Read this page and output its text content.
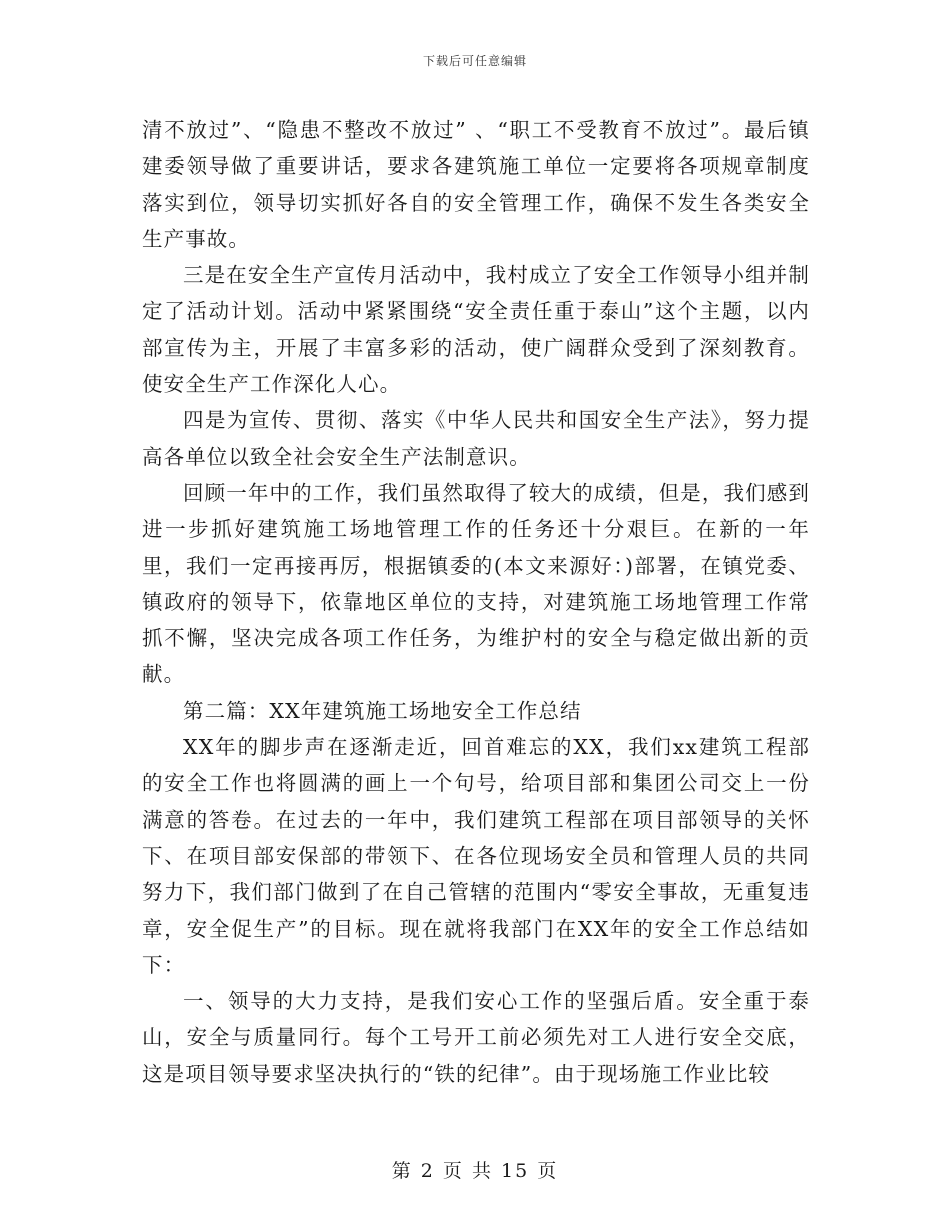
下载后可任意编辑

清不放过”、“隐患不整改不放过” 、“职工不受教育不放过”。最后镇建委领导做了重要讲话，要求各建筑施工单位一定要将各项规章制度落实到位，领导切实抓好各自的安全管理工作，确保不发生各类安全生产事故。

三是在安全生产宣传月活动中，我村成立了安全工作领导小组并制定了活动计划。活动中紧紧围绕“安全责任重于泰山”这个主题，以内部宣传为主，开展了丰富多彩的活动，使广阔群众受到了深刻教育。使安全生产工作深化人心。

四是为宣传、贯彻、落实《中华人民共和国安全生产法》，努力提高各单位以致全社会安全生产法制意识。

回顾一年中的工作，我们虽然取得了较大的成绩，但是，我们感到进一步抓好建筑施工场地管理工作的任务还十分艰巨。在新的一年里，我们一定再接再厉，根据镇委的(本文来源好：)部署，在镇党委、镇政府的领导下，依靠地区单位的支持，对建筑施工场地管理工作常抓不懈，坚决完成各项工作任务，为维护村的安全与稳定做出新的贡献。

第二篇：XX年建筑施工场地安全工作总结

XX年的脚步声在逐渐走近，回首难忘的XX，我们xx建筑工程部的安全工作也将圆满的画上一个句号，给项目部和集团公司交上一份满意的答卷。在过去的一年中，我们建筑工程部在项目部领导的关怀下、在项目部安保部的带领下、在各位现场安全员和管理人员的共同努力下，我们部门做到了在自己管辖的范围内“零安全事故，无重复违章，安全促生产”的目标。现在就将我部门在XX年的安全工作总结如下：

一、领导的大力支持，是我们安心工作的坚强后盾。安全重于泰山，安全与质量同行。每个工号开工前必须先对工人进行安全交底，这是项目领导要求坚决执行的“铁的纪律”。由于现场施工作业比较

第 2 页 共 15 页
